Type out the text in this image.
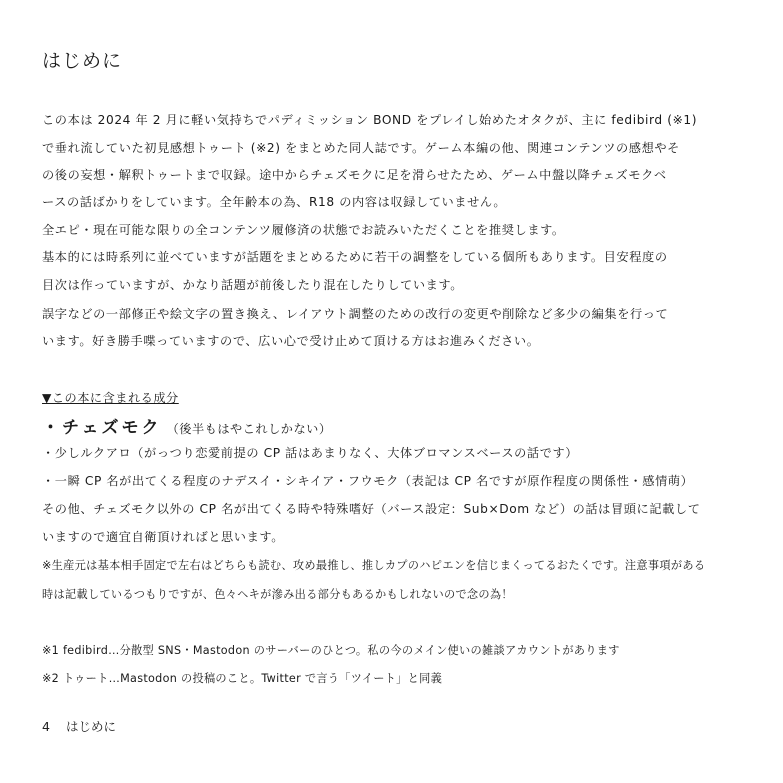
はじめに
この本は 2024 年 2 月に軽い気持ちでパディミッション BOND をプレイし始めたオタクが、主に fedibird (※1)
で垂れ流していた初見感想トゥート (※2) をまとめた同人誌です。ゲーム本編の他、関連コンテンツの感想やそ
の後の妄想・解釈トゥートまで収録。途中からチェズモクに足を滑らせたため、ゲーム中盤以降チェズモクベ
ースの話ばかりをしています。全年齢本の為、R18 の内容は収録していません。
全エピ・現在可能な限りの全コンテンツ履修済の状態でお読みいただくことを推奨します。
基本的には時系列に並べていますが話題をまとめるために若干の調整をしている個所もあります。目安程度の
目次は作っていますが、かなり話題が前後したり混在したりしています。
誤字などの一部修正や絵文字の置き換え、レイアウト調整のための改行の変更や削除など多少の編集を行って
います。好き勝手喋っていますので、広い心で受け止めて頂ける方はお進みください。
▼この本に含まれる成分
・チェズモク （後半もはやこれしかない）
・少しルクアロ（がっつり恋愛前提の CP 話はあまりなく、大体ブロマンスベースの話です）
・一瞬 CP 名が出てくる程度のナデスイ・シキイア・フウモク（表記は CP 名ですが原作程度の関係性・感情萌）
その他、チェズモク以外の CP 名が出てくる時や特殊嗜好（バース設定：Sub×Dom など）の話は冒頭に記載して
いますので適宜自衛頂ければと思います。
※生産元は基本相手固定で左右はどちらも読む、攻め最推し、推しカプのハピエンを信じまくってるおたくです。注意事項がある
時は記載しているつもりですが、色々ヘキが滲み出る部分もあるかもしれないので念の為！
※1 fedibird…分散型 SNS・Mastodon のサーバーのひとつ。私の今のメイン使いの雑談アカウントがあります
※2 トゥート…Mastodon の投稿のこと。Twitter で言う「ツイート」と同義
4 はじめに
